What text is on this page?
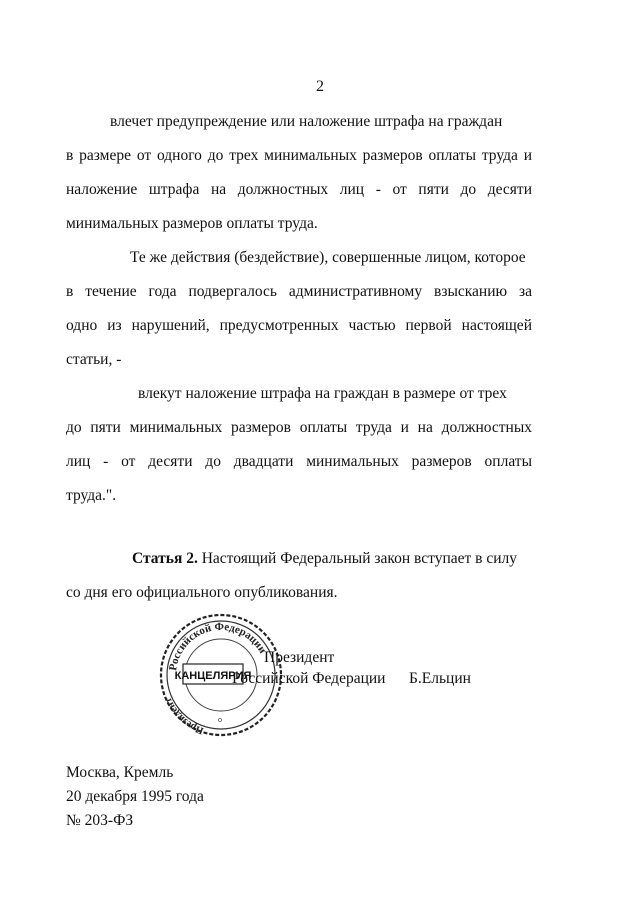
2
влечет предупреждение или наложение штрафа на граждан
в размере от одного до трех минимальных размеров оплаты труда и
наложение штрафа на должностных лиц - от пяти до десяти
минимальных размеров оплаты труда.
Те же действия (бездействие), совершенные лицом, которое
в течение года подвергалось административному взысканию за
одно из нарушений, предусмотренных частью первой настоящей
статьи, -
влекут наложение штрафа на граждан в размере от трех
до пяти минимальных размеров оплаты труда и на должностных
лиц - от десяти до двадцати минимальных размеров оплаты
труда.".
Статья 2. Настоящий Федеральный закон вступает в силу
со дня его официального опубликования.
Российской Федерации
Президент
КАНЦЕЛЯРИЯ
о
Президент
Российской Федерации Б.Ельцин
Москва, Кремль
20 декабря 1995 года
№ 203-ФЗ
